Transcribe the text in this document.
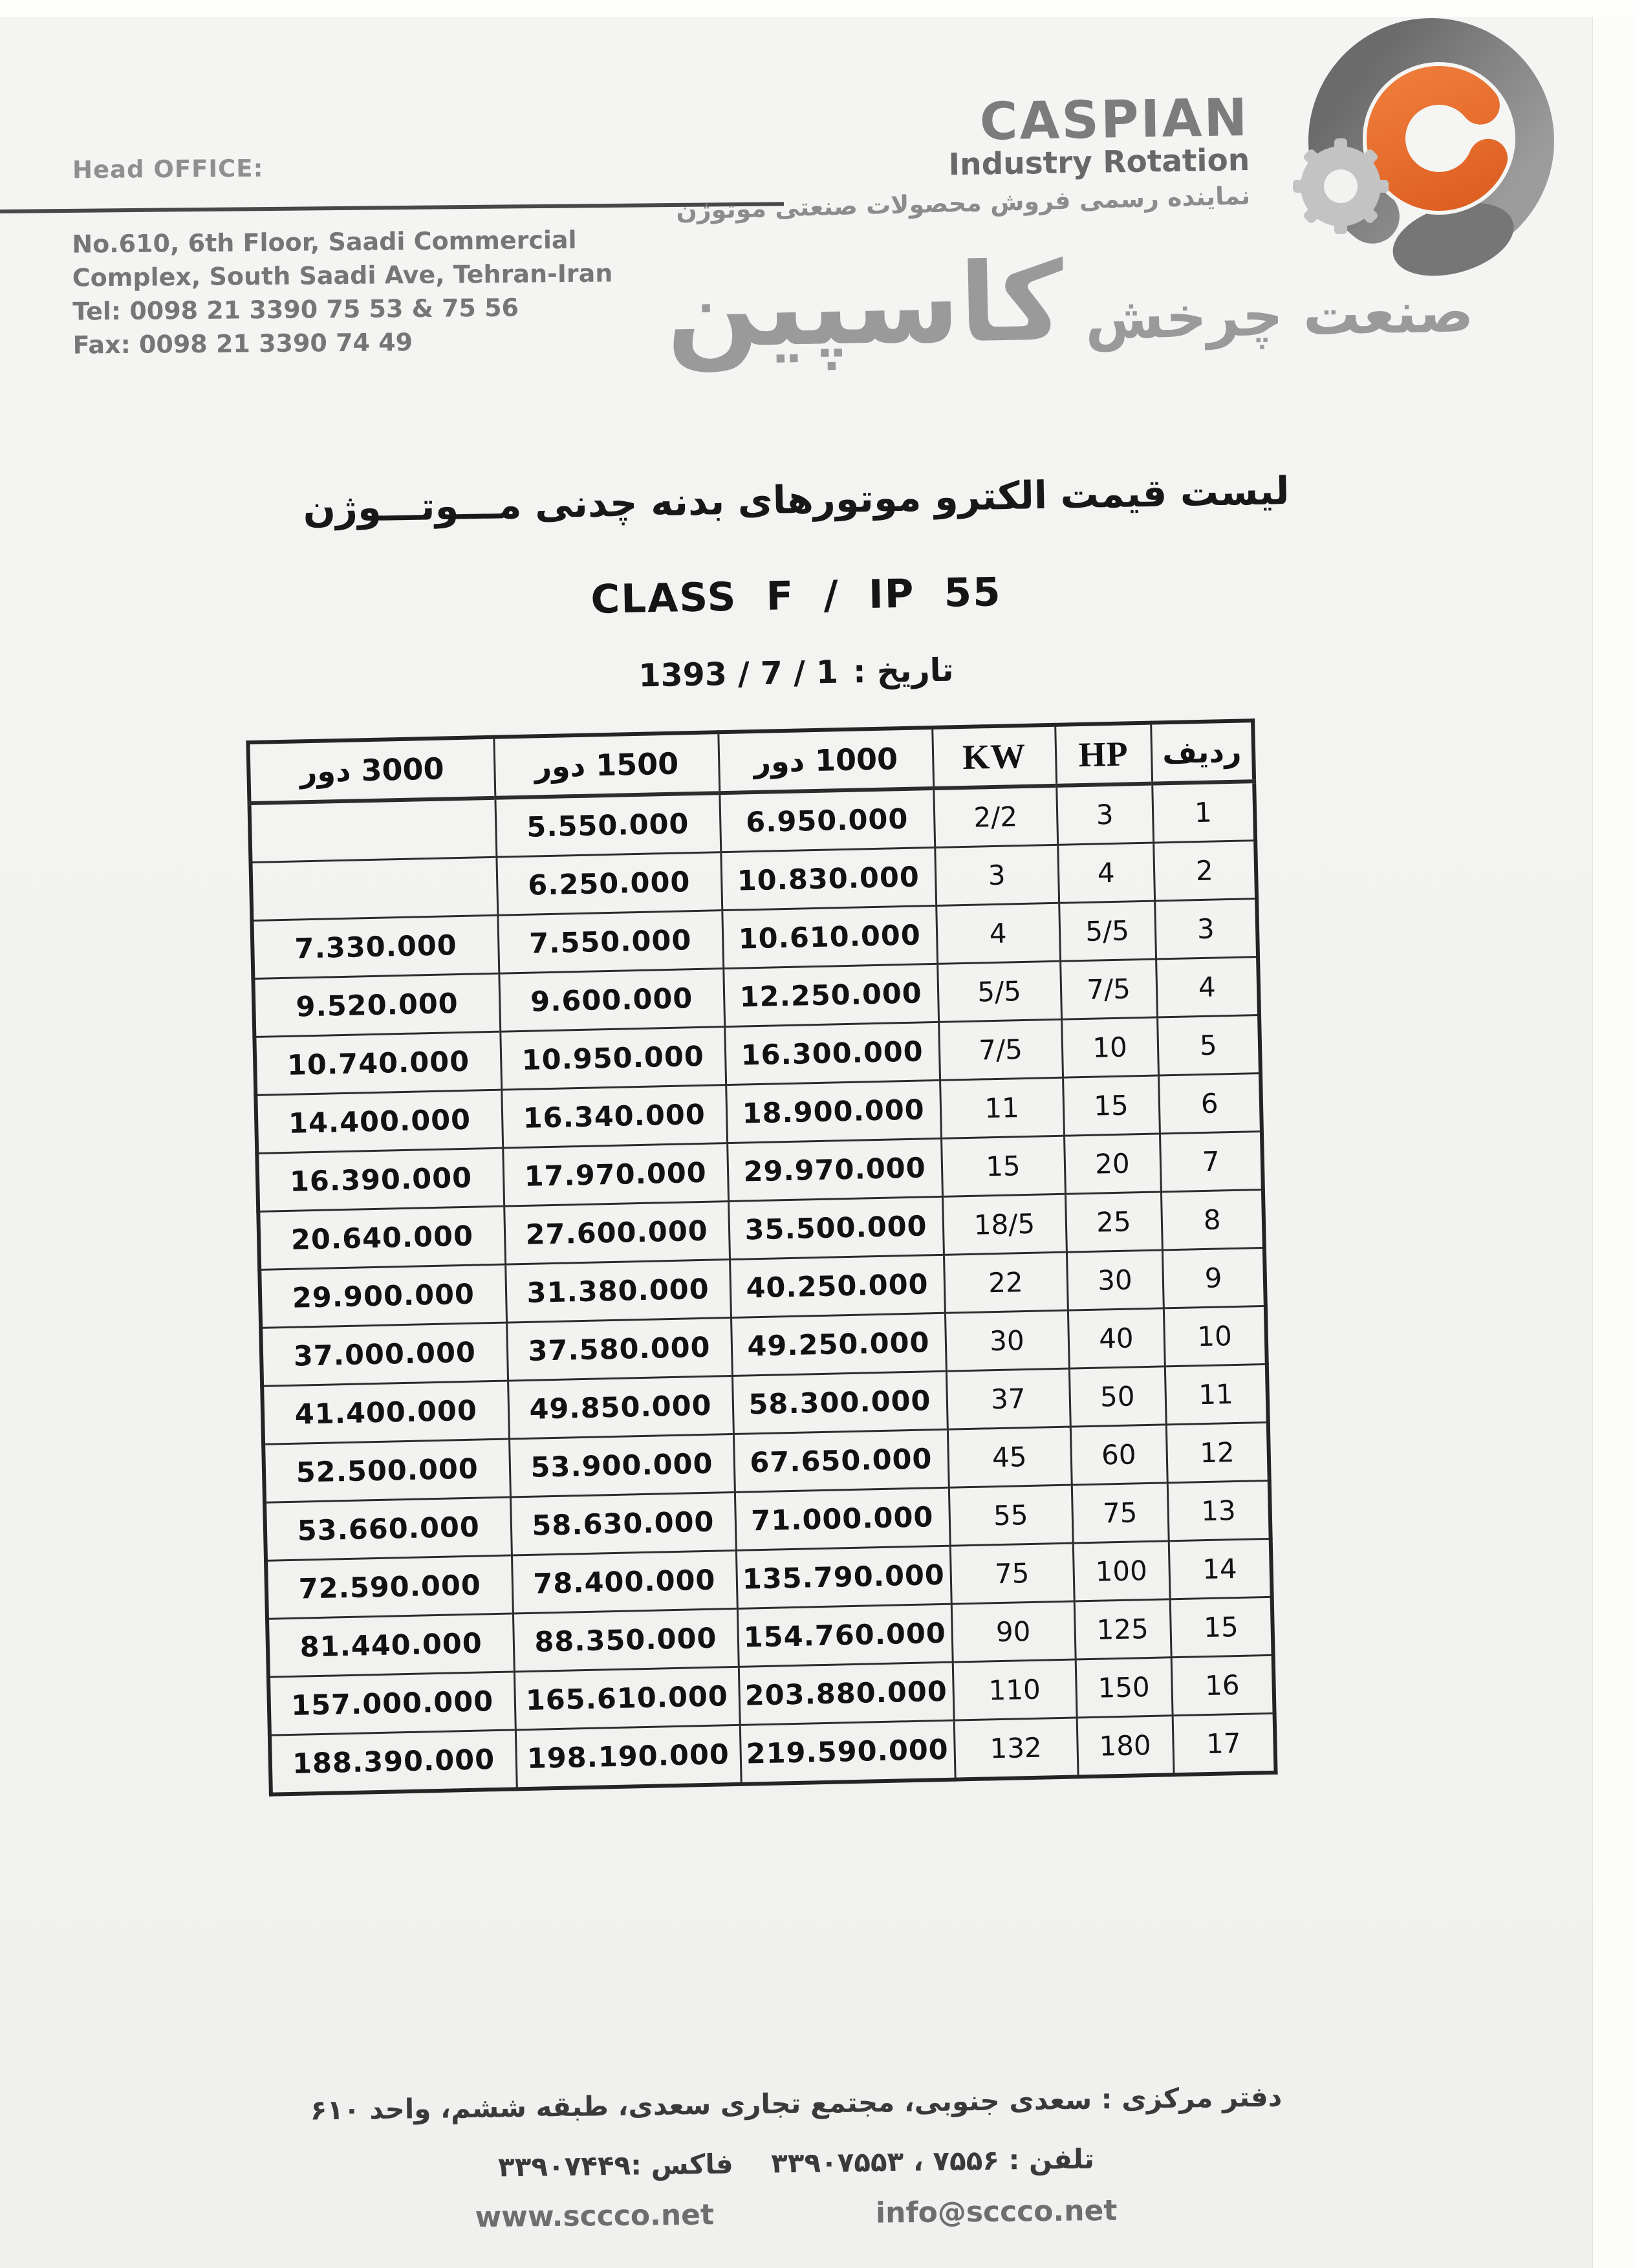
Head OFFICE:
No.610, 6th Floor, Saadi Commercial
Complex, South Saadi Ave, Tehran-Iran
Tel: 0098 21 3390 75 53 & 75 56
Fax: 0098 21 3390 74 49
CASPIAN
Industry Rotation
نماینده رسمی فروش محصولات صنعتی موتوژن
صنعت چرخش کاسپین
لیست قیمت الکترو موتورهای بدنه چدنی مـــوتـــوژن
CLASS F / IP 55
تاریخ : 1393 / 7 / 1
ردیف	HP	KW	1000 دور	1500 دور	3000 دور
1	3	2/2	6.950.000	5.550.000	
2	4	3	10.830.000	6.250.000	
3	5/5	4	10.610.000	7.550.000	7.330.000
4	7/5	5/5	12.250.000	9.600.000	9.520.000
5	10	7/5	16.300.000	10.950.000	10.740.000
6	15	11	18.900.000	16.340.000	14.400.000
7	20	15	29.970.000	17.970.000	16.390.000
8	25	18/5	35.500.000	27.600.000	20.640.000
9	30	22	40.250.000	31.380.000	29.900.000
10	40	30	49.250.000	37.580.000	37.000.000
11	50	37	58.300.000	49.850.000	41.400.000
12	60	45	67.650.000	53.900.000	52.500.000
13	75	55	71.000.000	58.630.000	53.660.000
14	100	75	135.790.000	78.400.000	72.590.000
15	125	90	154.760.000	88.350.000	81.440.000
16	150	110	203.880.000	165.610.000	157.000.000
17	180	132	219.590.000	198.190.000	188.390.000
دفتر مرکزی : سعدی جنوبی، مجتمع تجاری سعدی، طبقه ششم، واحد ۶۱۰
تلفن : ۷۵۵۶ ، ۳۳۹۰۷۵۵۳    فاکس :۳۳۹۰۷۴۴۹
www.sccco.net	info@sccco.net
